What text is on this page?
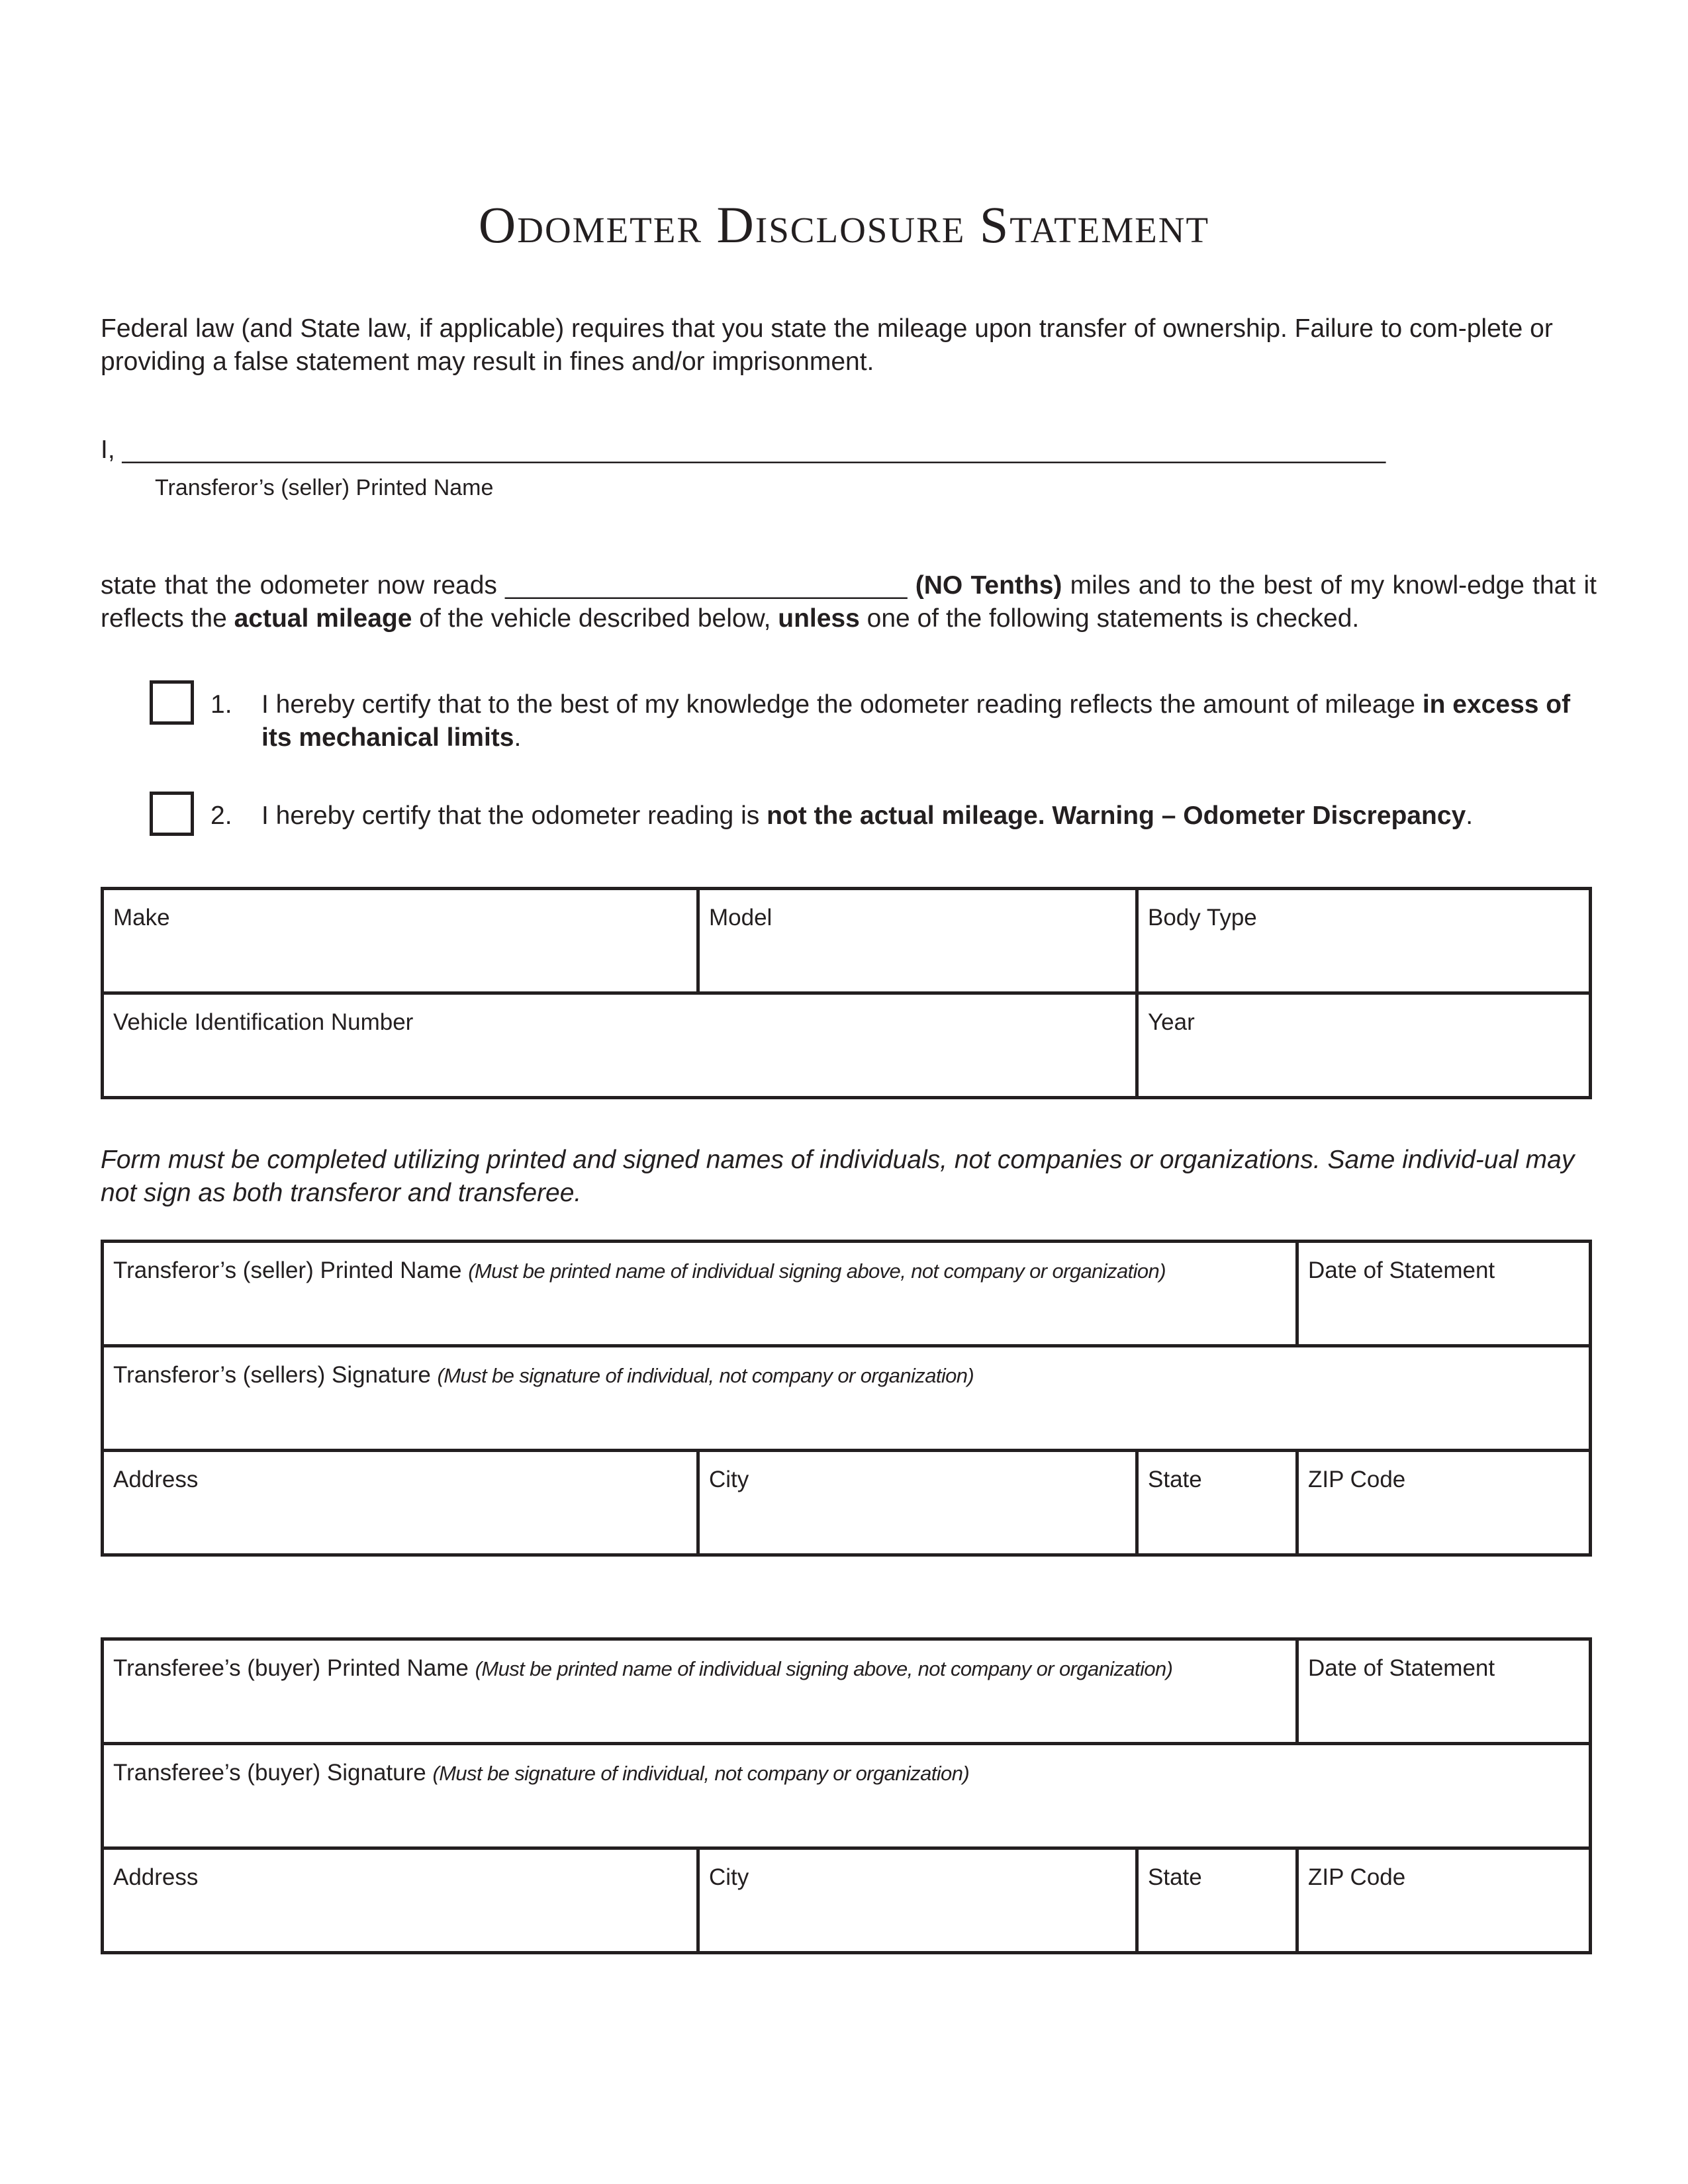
Odometer Disclosure Statement
Federal law (and State law, if applicable) requires that you state the mileage upon transfer of ownership. Failure to com-plete or providing a false statement may result in fines and/or imprisonment.
I, ________________________________________________________________________________________
Transferor’s (seller) Printed Name
state that the odometer now reads ____________________________ (NO Tenths) miles and to the best of my knowl-edge that it reflects the actual mileage of the vehicle described below, unless one of the following statements is checked.
1. I hereby certify that to the best of my knowledge the odometer reading reflects the amount of mileage in excess of its mechanical limits.
2. I hereby certify that the odometer reading is not the actual mileage. Warning – Odometer Discrepancy.
Make	Model	Body Type
Vehicle Identification Number		Year
Form must be completed utilizing printed and signed names of individuals, not companies or organizations. Same individ-ual may not sign as both transferor and transferee.
Transferor’s (seller) Printed Name (Must be printed name of individual signing above, not company or organization)			Date of Statement
Transferor’s (sellers) Signature (Must be signature of individual, not company or organization)			
Address	City	State	ZIP Code
Transferee’s (buyer) Printed Name (Must be printed name of individual signing above, not company or organization)			Date of Statement
Transferee’s (buyer) Signature (Must be signature of individual, not company or organization)			
Address	City	State	ZIP Code
